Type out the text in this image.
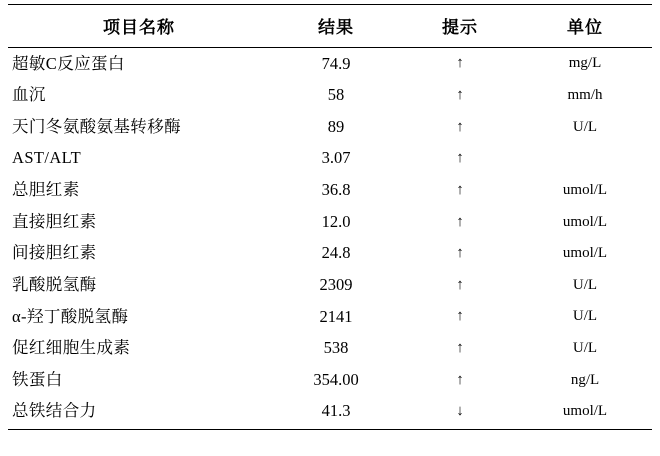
项目名称	结果	提示	单位
超敏C反应蛋白	74.9	↑	mg/L
血沉	58	↑	mm/h
天门冬氨酸氨基转移酶	89	↑	U/L
AST/ALT	3.07	↑	
总胆红素	36.8	↑	umol/L
直接胆红素	12.0	↑	umol/L
间接胆红素	24.8	↑	umol/L
乳酸脱氢酶	2309	↑	U/L
α-羟丁酸脱氢酶	2141	↑	U/L
促红细胞生成素	538	↑	U/L
铁蛋白	354.00	↑	ng/L
总铁结合力	41.3	↓	umol/L
